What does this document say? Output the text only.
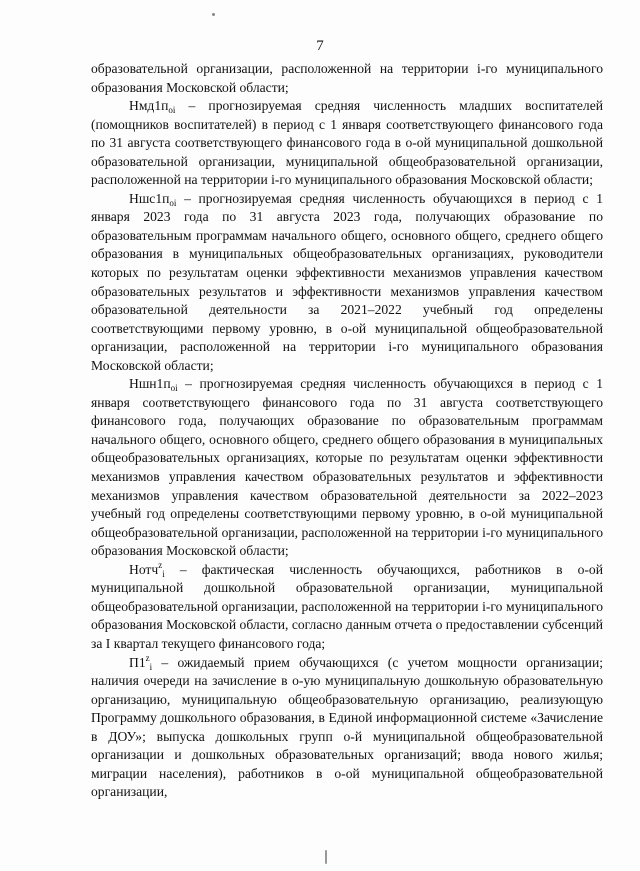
7

образовательной организации, расположенной на территории i-го муниципального образования Московской области;

$Нмд1п_{oi}$ – прогнозируемая средняя численность младших воспитателей (помощников воспитателей) в период с 1 января соответствующего финансового года по 31 августа соответствующего финансового года в o-ой муниципальной дошкольной образовательной организации, муниципальной общеобразовательной организации, расположенной на территории i-го муниципального образования Московской области;

$Ншс1п_{oi}$ – прогнозируемая средняя численность обучающихся в период с 1 января 2023 года по 31 августа 2023 года, получающих образование по образовательным программам начального общего, основного общего, среднего общего образования в муниципальных общеобразовательных организациях, руководители которых по результатам оценки эффективности механизмов управления качеством образовательных результатов и эффективности механизмов управления качеством образовательной деятельности за 2021–2022 учебный год определены соответствующими первому уровню, в o-ой муниципальной общеобразовательной организации, расположенной на территории i-го муниципального образования Московской области;

$Ншн1п_{oi}$ – прогнозируемая средняя численность обучающихся в период с 1 января соответствующего финансового года по 31 августа соответствующего финансового года, получающих образование по образовательным программам начального общего, основного общего, среднего общего образования в муниципальных общеобразовательных организациях, которые по результатам оценки эффективности механизмов управления качеством образовательных результатов и эффективности механизмов управления качеством образовательной деятельности за 2022–2023 учебный год определены соответствующими первому уровню, в o-ой муниципальной общеобразовательной организации, расположенной на территории i-го муниципального образования Московской области;

Нотч$^z_i$ – фактическая численность обучающихся, работников в o-ой муниципальной дошкольной образовательной организации, муниципальной общеобразовательной организации, расположенной на территории i-го муниципального образования Московской области, согласно данным отчета о предоставлении субсенций за I квартал текущего финансового года;

$П1^z_i$ – ожидаемый прием обучающихся (с учетом мощности организации; наличия очереди на зачисление в o-ую муниципальную дошкольную образовательную организацию, муниципальную общеобразовательную организацию, реализующую Программу дошкольного образования, в Единой информационной системе «Зачисление в ДОУ»; выпуска дошкольных групп o-й муниципальной общеобразовательной организации и дошкольных образовательных организаций; ввода нового жилья; миграции населения), работников в o-ой муниципальной общеобразовательной организации,
